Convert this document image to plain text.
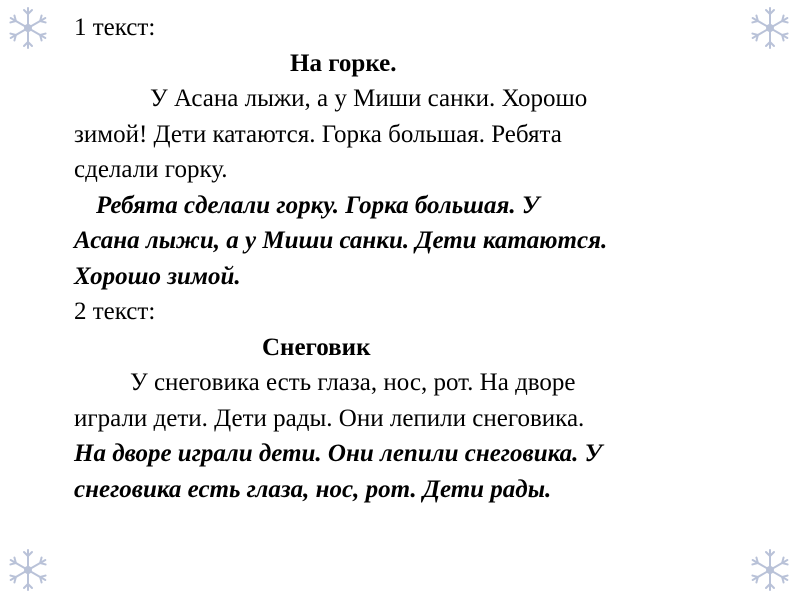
1 текст:

На горке.

У Асана лыжи, а у Миши санки. Хорошо

зимой! Дети катаются. Горка большая. Ребята

сделали горку.

Ребята сделали горку. Горка большая. У

Асана лыжи, а у Миши санки. Дети катаются.

Хорошо зимой.

2 текст:

Снеговик

У снеговика есть глаза, нос, рот. На дворе

играли дети. Дети рады. Они лепили снеговика.

На дворе играли дети. Они лепили снеговика. У

снеговика есть глаза, нос, рот. Дети рады.
